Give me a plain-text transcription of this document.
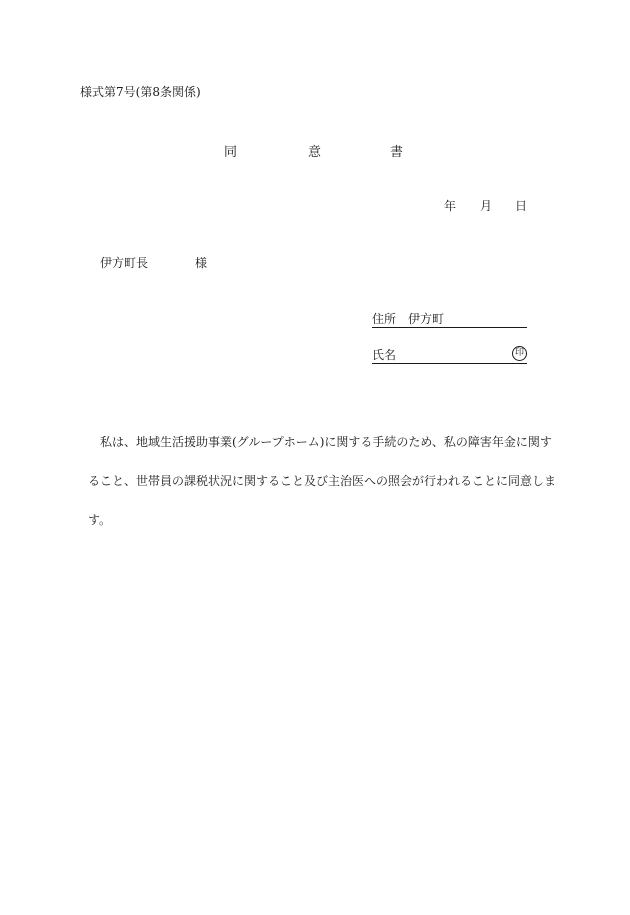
様式第7号(第8条関係)
同	意	書
年 月 日
伊方町長	様
住所 伊方町
氏名	印
私は、地域生活援助事業(グループホーム)に関する手続のため、私の障害年金に関す
ること、世帯員の課税状況に関すること及び主治医への照会が行われることに同意しま
す。
